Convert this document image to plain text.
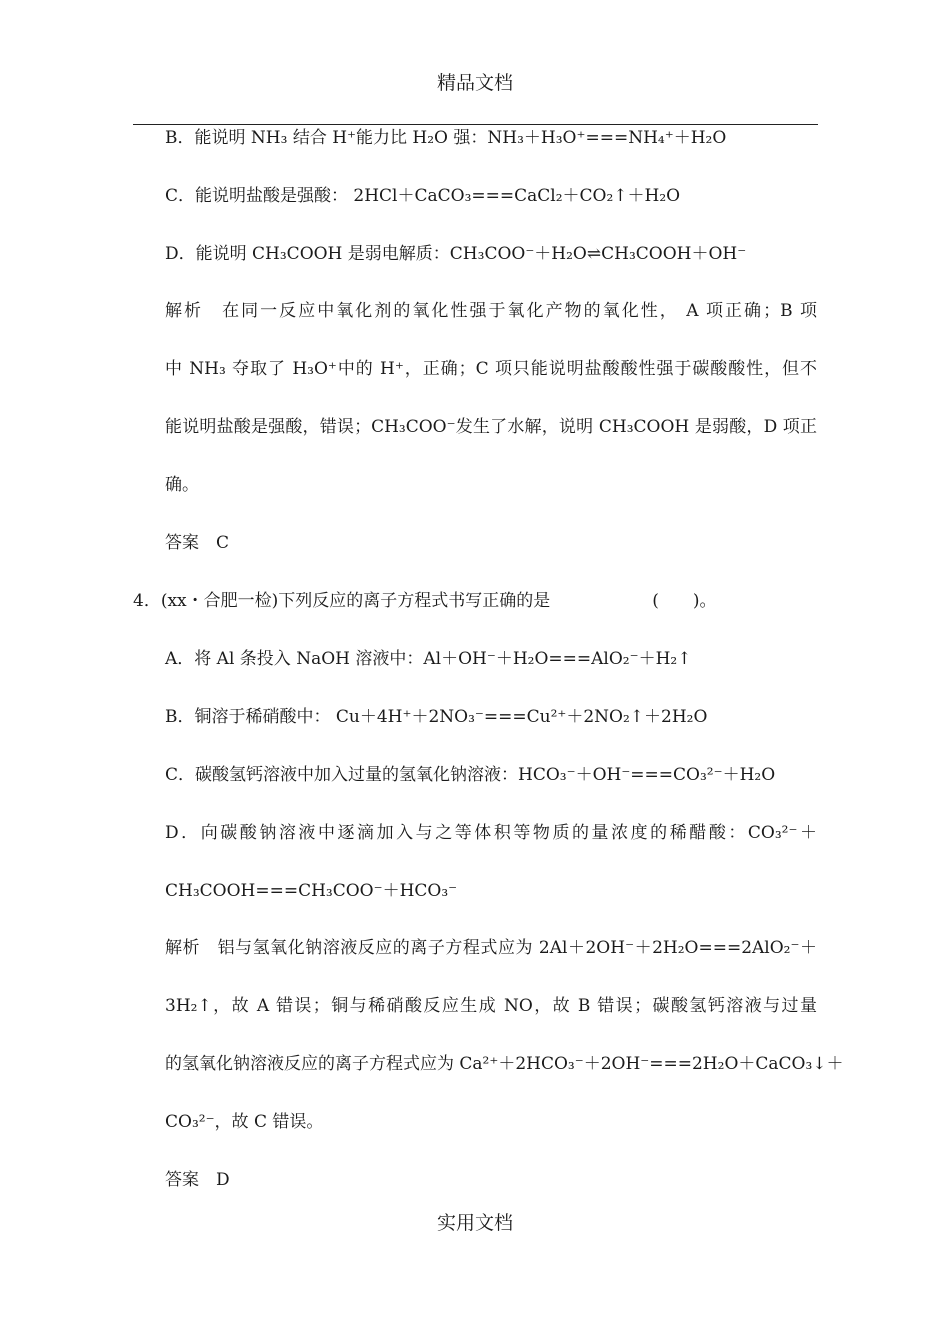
精品文档
B．能说明 NH₃ 结合 H⁺能力比 H₂O 强：NH₃＋H₃O⁺===NH₄⁺＋H₂O
C．能说明盐酸是强酸： 2HCl＋CaCO₃===CaCl₂＋CO₂↑＋H₂O
D．能说明 CH₃COOH 是弱电解质：CH₃COO⁻＋H₂O⇌CH₃COOH＋OH⁻
解析　在同一反应中氧化剂的氧化性强于氧化产物的氧化性， A 项正确；B 项
中 NH₃ 夺取了 H₃O⁺中的 H⁺，正确；C 项只能说明盐酸酸性强于碳酸酸性，但不
能说明盐酸是强酸，错误；CH₃COO⁻发生了水解，说明 CH₃COOH 是弱酸，D 项正
确。
答案　C
4．(xx・合肥一检)下列反应的离子方程式书写正确的是　　　　　　(　　)。
A．将 Al 条投入 NaOH 溶液中：Al＋OH⁻＋H₂O===AlO₂⁻＋H₂↑
B．铜溶于稀硝酸中： Cu＋4H⁺＋2NO₃⁻===Cu²⁺＋2NO₂↑＋2H₂O
C．碳酸氢钙溶液中加入过量的氢氧化钠溶液：HCO₃⁻＋OH⁻===CO₃²⁻＋H₂O
D．向碳酸钠溶液中逐滴加入与之等体积等物质的量浓度的稀醋酸：CO₃²⁻＋
CH₃COOH===CH₃COO⁻＋HCO₃⁻
解析　铝与氢氧化钠溶液反应的离子方程式应为 2Al＋2OH⁻＋2H₂O===2AlO₂⁻＋
3H₂↑，故 A 错误；铜与稀硝酸反应生成 NO，故 B 错误；碳酸氢钙溶液与过量
的氢氧化钠溶液反应的离子方程式应为 Ca²⁺＋2HCO₃⁻＋2OH⁻===2H₂O＋CaCO₃↓＋
CO₃²⁻，故 C 错误。
答案　D
实用文档
